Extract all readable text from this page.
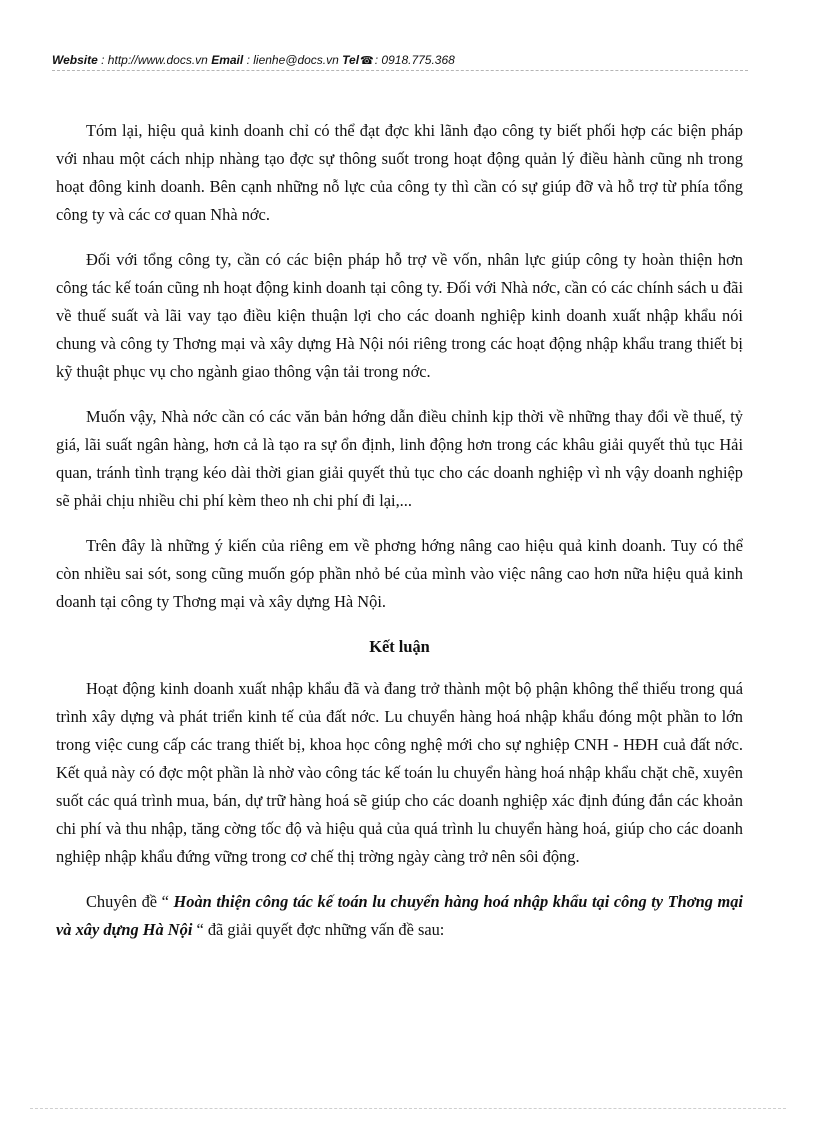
Website : http://www.docs.vn Email : lienhe@docs.vn Tel☎: 0918.775.368

Tóm lại, hiệu quả kinh doanh chỉ có thể đạt đợc khi lãnh đạo công ty biết phối hợp các biện pháp với nhau một cách nhịp nhàng tạo đợc sự thông suốt trong hoạt động quản lý điều hành cũng nh trong hoạt đông kinh doanh. Bên cạnh những nỗ lực của công ty thì cần có sự giúp đỡ và hỗ trợ từ phía tổng công ty và các cơ quan Nhà nớc.

Đối với tổng công ty, cần có các biện pháp hỗ trợ về vốn, nhân lực giúp công ty hoàn thiện hơn công tác kế toán cũng nh hoạt động kinh doanh tại công ty. Đối với Nhà nớc, cần có các chính sách u đãi về thuế suất và lãi vay tạo điều kiện thuận lợi cho các doanh nghiệp kinh doanh xuất nhập khẩu nói chung và công ty Thơng mại và xây dựng Hà Nội nói riêng trong các hoạt động nhập khẩu trang thiết bị kỹ thuật phục vụ cho ngành giao thông vận tải trong nớc.

Muốn vậy, Nhà nớc cần có các văn bản hớng dẫn điều chỉnh kịp thời về những thay đổi về thuế, tỷ giá, lãi suất ngân hàng, hơn cả là tạo ra sự ổn định, linh động hơn trong các khâu giải quyết thủ tục Hải quan, tránh tình trạng kéo dài thời gian giải quyết thủ tục cho các doanh nghiệp vì nh vậy doanh nghiệp sẽ phải chịu nhiều chi phí kèm theo nh chi phí đi lại,...

Trên đây là những ý kiến của riêng em về phơng hớng nâng cao hiệu quả kinh doanh. Tuy có thể còn nhiều sai sót, song cũng muốn góp phần nhỏ bé của mình vào việc nâng cao hơn nữa hiệu quả kinh doanh tại công ty Thơng mại và xây dựng Hà Nội.

Kết luận

Hoạt động kinh doanh xuất nhập khẩu đã và đang trở thành một bộ phận không thể thiếu trong quá trình xây dựng và phát triển kinh tế của đất nớc. Lu chuyển hàng hoá nhập khẩu đóng một phần to lớn trong việc cung cấp các trang thiết bị, khoa học công nghệ mới cho sự nghiệp CNH - HĐH cuả đất nớc. Kết quả này có đợc một phần là nhờ vào công tác kế toán lu chuyển hàng hoá nhập khẩu chặt chẽ, xuyên suốt các quá trình mua, bán, dự trữ hàng hoá sẽ giúp cho các doanh nghiệp xác định đúng đắn các khoản chi phí và thu nhập, tăng cờng tốc độ và hiệu quả của quá trình lu chuyển hàng hoá, giúp cho các doanh nghiệp nhập khẩu đứng vững trong cơ chế thị trờng ngày càng trở nên sôi động.

Chuyên đề “ Hoàn thiện công tác kế toán lu chuyển hàng hoá nhập khẩu tại công ty Thơng mại và xây dựng Hà Nội “ đã giải quyết đợc những vấn đề sau:
